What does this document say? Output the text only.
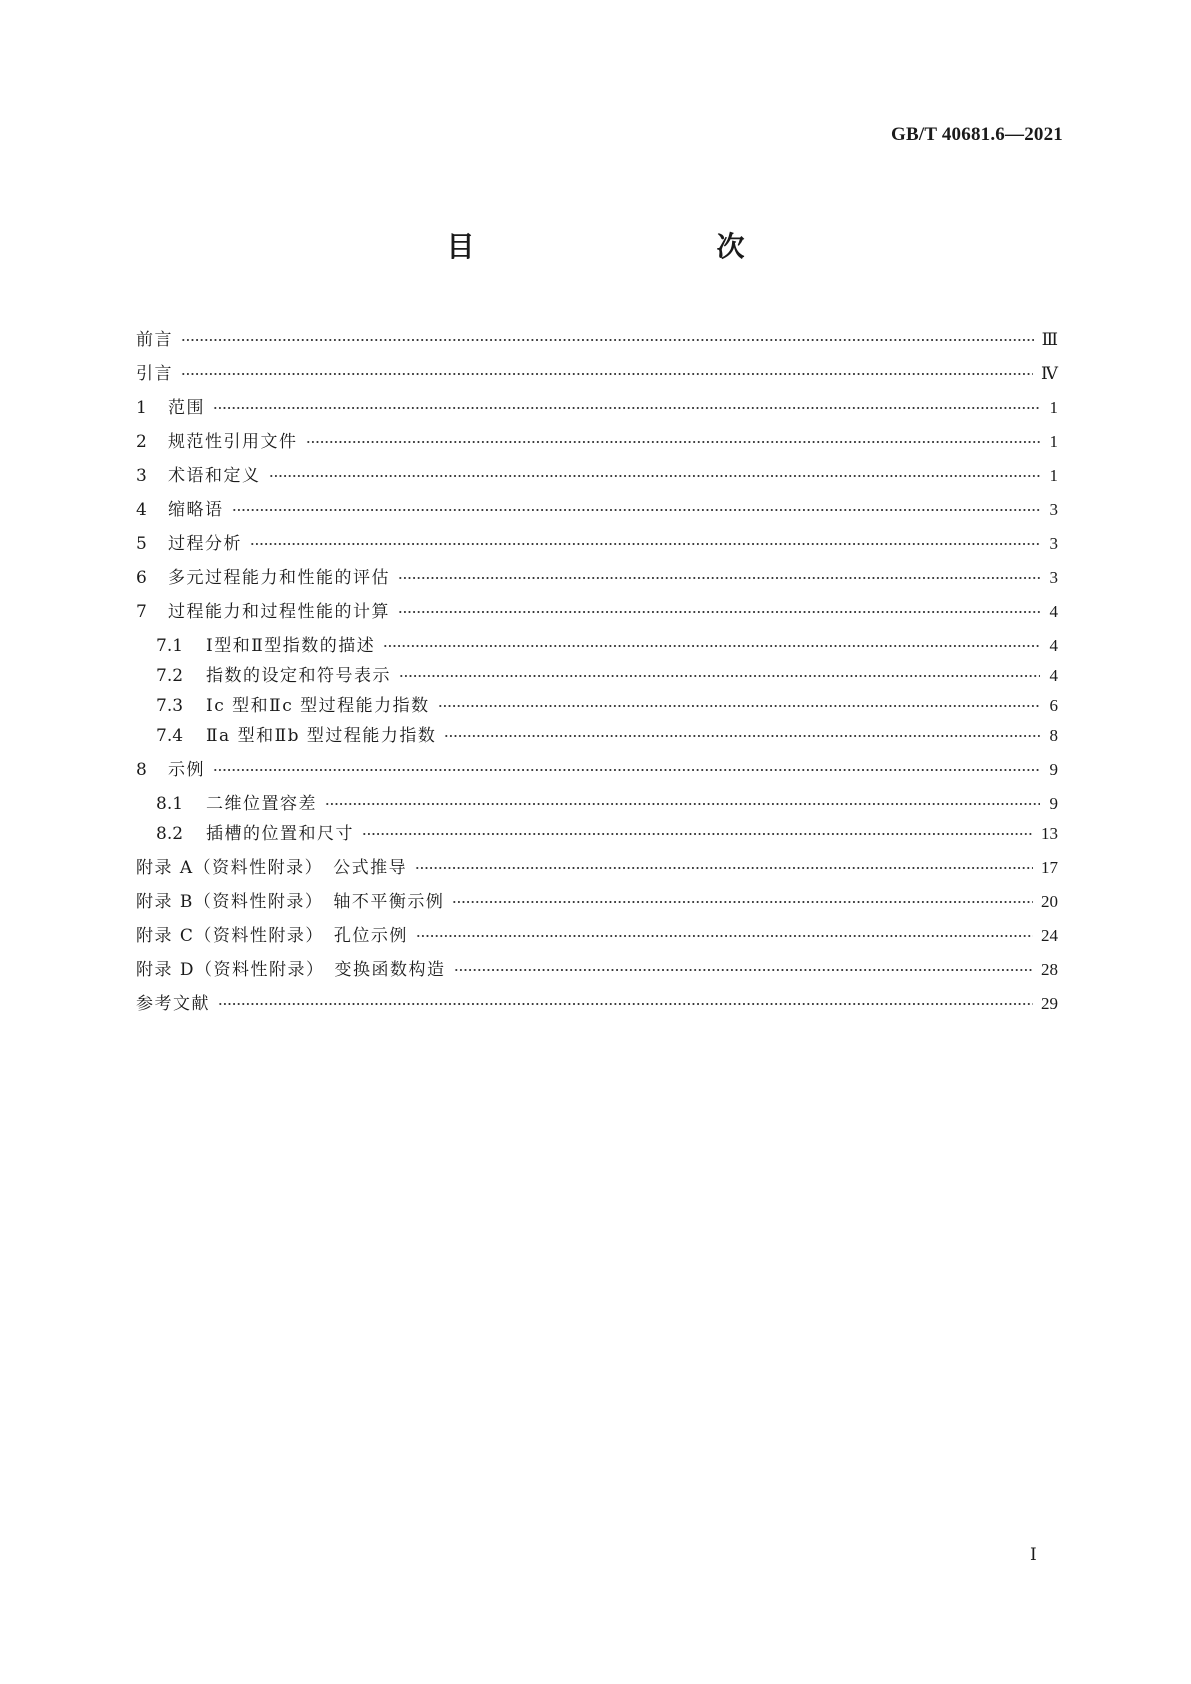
GB/T 40681.6—2021
目　　次
前言	Ⅲ
引言	Ⅳ
1	范围	1
2	规范性引用文件	1
3	术语和定义	1
4	缩略语	3
5	过程分析	3
6	多元过程能力和性能的评估	3
7	过程能力和过程性能的计算	4
7.1	Ⅰ型和Ⅱ型指数的描述	4
7.2	指数的设定和符号表示	4
7.3	Ⅰc 型和Ⅱc 型过程能力指数	6
7.4	Ⅱa 型和Ⅱb 型过程能力指数	8
8	示例	9
8.1	二维位置容差	9
8.2	插槽的位置和尺寸	13
附录 A（资料性附录）　公式推导	17
附录 B（资料性附录）　轴不平衡示例	20
附录 C（资料性附录）　孔位示例	24
附录 D（资料性附录）　变换函数构造	28
参考文献	29
Ⅰ
